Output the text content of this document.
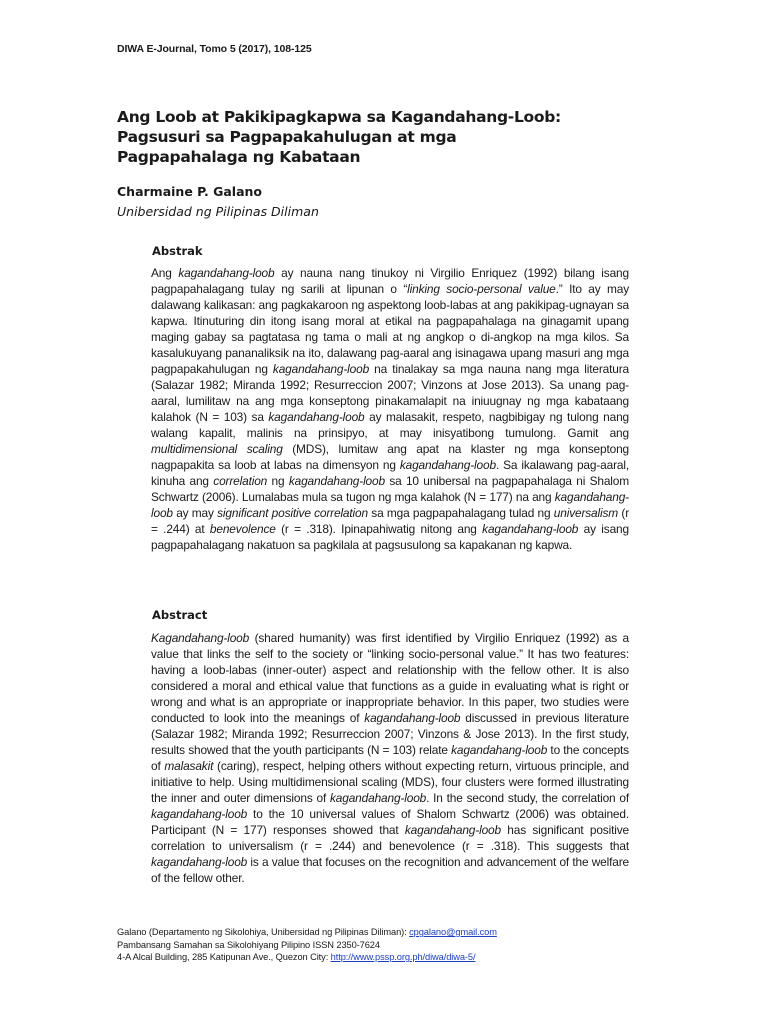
DIWA E-Journal, Tomo 5 (2017), 108-125
Ang Loob at Pakikipagkapwa sa Kagandahang-Loob:
Pagsusuri sa Pagpapakahulugan at mga
Pagpapahalaga ng Kabataan
Charmaine P. Galano
Unibersidad ng Pilipinas Diliman
Abstrak

Ang kagandahang-loob ay nauna nang tinukoy ni Virgilio Enriquez (1992) bilang isang pagpapahalagang tulay ng sarili at lipunan o “linking socio-personal value.” Ito ay may dalawang kalikasan: ang pagkakaroon ng aspektong loob-labas at ang pakikipag-ugnayan sa kapwa. Itinuturing din itong isang moral at etikal na pagpapahalaga na ginagamit upang maging gabay sa pagtatasa ng tama o mali at ng angkop o di-angkop na mga kilos. Sa kasalukuyang pananaliksik na ito, dalawang pag-aaral ang isinagawa upang masuri ang mga pagpapakahulugan ng kagandahang-loob na tinalakay sa mga nauna nang mga literatura (Salazar 1982; Miranda 1992; Resurreccion 2007; Vinzons at Jose 2013). Sa unang pag-aaral, lumilitaw na ang mga konseptong pinakamalapit na iniuugnay ng mga kabataang kalahok (N = 103) sa kagandahang-loob ay malasakit, respeto, nagbibigay ng tulong nang walang kapalit, malinis na prinsipyo, at may inisyatibong tumulong. Gamit ang multidimensional scaling (MDS), lumitaw ang apat na klaster ng mga konseptong nagpapakita sa loob at labas na dimensyon ng kagandahang-loob. Sa ikalawang pag-aaral, kinuha ang correlation ng kagandahang-loob sa 10 unibersal na pagpapahalaga ni Shalom Schwartz (2006). Lumalabas mula sa tugon ng mga kalahok (N = 177) na ang kagandahang-loob ay may significant positive correlation sa mga pagpapahalagang tulad ng universalism (r = .244) at benevolence (r = .318). Ipinapahiwatig nitong ang kagandahang-loob ay isang pagpapahalagang nakatuon sa pagkilala at pagsusulong sa kapakanan ng kapwa.

Abstract

Kagandahang-loob (shared humanity) was first identified by Virgilio Enriquez (1992) as a value that links the self to the society or “linking socio-personal value.” It has two features: having a loob-labas (inner-outer) aspect and relationship with the fellow other. It is also considered a moral and ethical value that functions as a guide in evaluating what is right or wrong and what is an appropriate or inappropriate behavior. In this paper, two studies were conducted to look into the meanings of kagandahang-loob discussed in previous literature (Salazar 1982; Miranda 1992; Resurreccion 2007; Vinzons & Jose 2013). In the first study, results showed that the youth participants (N = 103) relate kagandahang-loob to the concepts of malasakit (caring), respect, helping others without expecting return, virtuous principle, and initiative to help. Using multidimensional scaling (MDS), four clusters were formed illustrating the inner and outer dimensions of kagandahang-loob. In the second study, the correlation of kagandahang-loob to the 10 universal values of Shalom Schwartz (2006) was obtained. Participant (N = 177) responses showed that kagandahang-loob has significant positive correlation to universalism (r = .244) and benevolence (r = .318). This suggests that kagandahang-loob is a value that focuses on the recognition and advancement of the welfare of the fellow other.

Galano (Departamento ng Sikolohiya, Unibersidad ng Pilipinas Diliman): cpgalano@gmail.com
Pambansang Samahan sa Sikolohiyang Pilipino ISSN 2350-7624
4-A Alcal Building, 285 Katipunan Ave., Quezon City: http://www.pssp.org.ph/diwa/diwa-5/
